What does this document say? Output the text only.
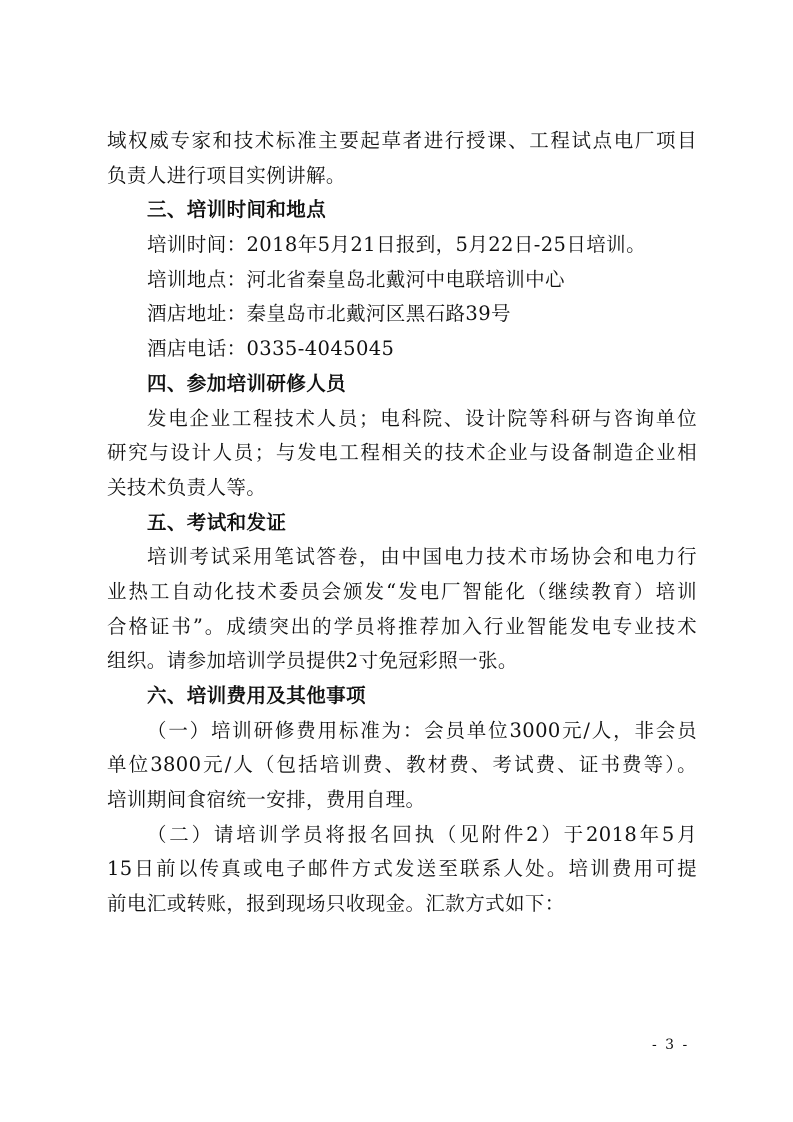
域权威专家和技术标准主要起草者进行授课、工程试点电厂项目
负责人进行项目实例讲解。
三、培训时间和地点
培训时间：2018年5月21日报到，5月22日-25日培训。
培训地点：河北省秦皇岛北戴河中电联培训中心
酒店地址：秦皇岛市北戴河区黑石路39号
酒店电话：0335-4045045
四、参加培训研修人员
发电企业工程技术人员；电科院、设计院等科研与咨询单位
研究与设计人员；与发电工程相关的技术企业与设备制造企业相
关技术负责人等。
五、考试和发证
培训考试采用笔试答卷，由中国电力技术市场协会和电力行
业热工自动化技术委员会颁发“发电厂智能化（继续教育）培训
合格证书”。成绩突出的学员将推荐加入行业智能发电专业技术
组织。请参加培训学员提供2寸免冠彩照一张。
六、培训费用及其他事项
（一）培训研修费用标准为：会员单位3000元/人，非会员
单位3800元/人（包括培训费、教材费、考试费、证书费等）。
培训期间食宿统一安排，费用自理。
（二）请培训学员将报名回执（见附件2）于2018年5月
15日前以传真或电子邮件方式发送至联系人处。培训费用可提
前电汇或转账，报到现场只收现金。汇款方式如下：
- 3 -
